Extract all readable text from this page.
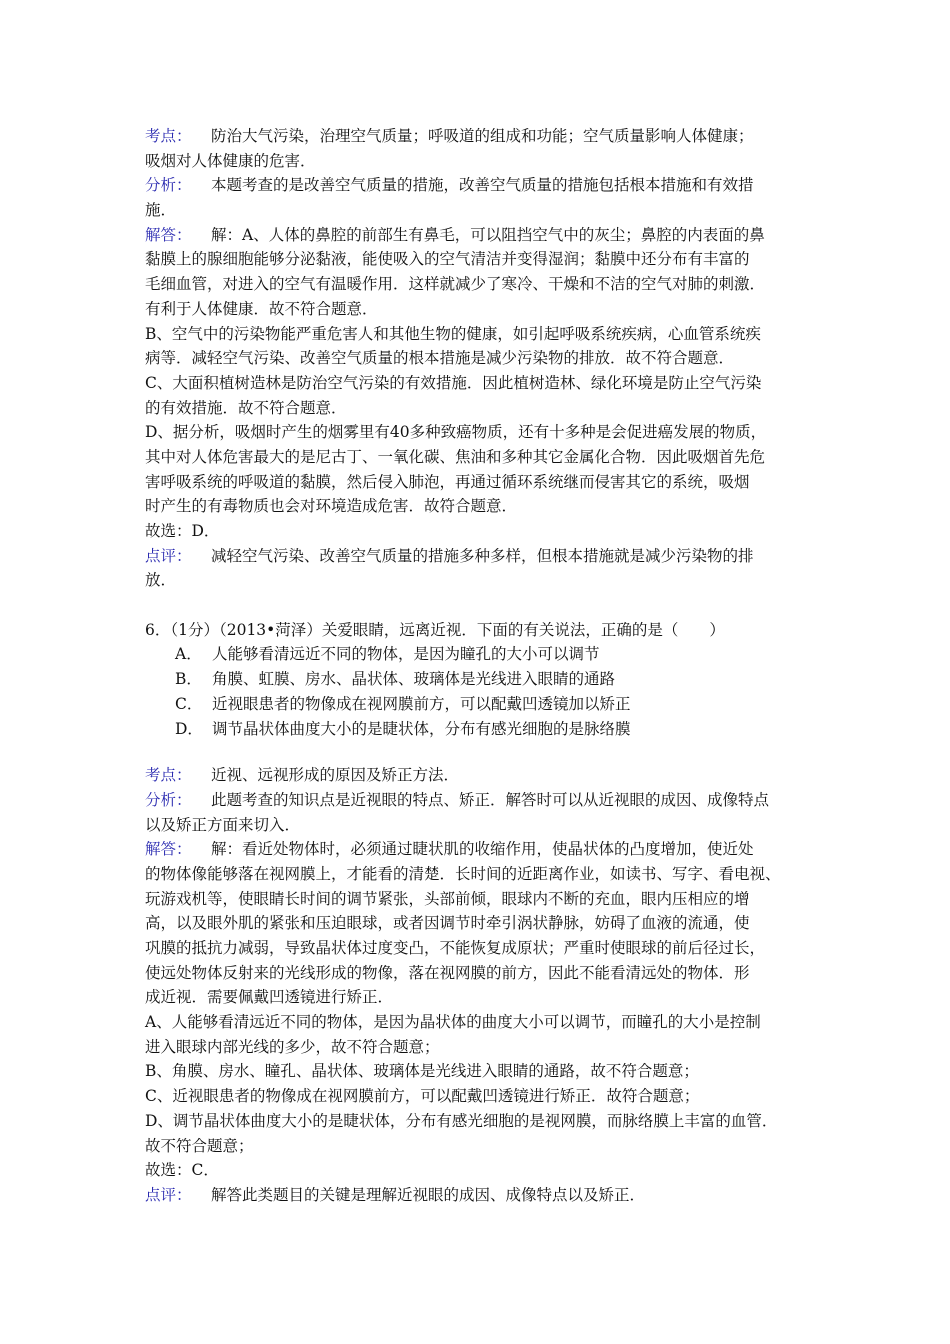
考点： 防治大气污染，治理空气质量；呼吸道的组成和功能；空气质量影响人体健康；
吸烟对人体健康的危害．
分析： 本题考查的是改善空气质量的措施，改善空气质量的措施包括根本措施和有效措
施．
解答： 解：A、人体的鼻腔的前部生有鼻毛，可以阻挡空气中的灰尘；鼻腔的内表面的鼻
黏膜上的腺细胞能够分泌黏液，能使吸入的空气清洁并变得湿润；黏膜中还分布有丰富的
毛细血管，对进入的空气有温暖作用．这样就减少了寒冷、干燥和不洁的空气对肺的刺激．
有利于人体健康．故不符合题意．
B、空气中的污染物能严重危害人和其他生物的健康，如引起呼吸系统疾病，心血管系统疾
病等．减轻空气污染、改善空气质量的根本措施是减少污染物的排放．故不符合题意．
C、大面积植树造林是防治空气污染的有效措施．因此植树造林、绿化环境是防止空气污染
的有效措施．故不符合题意．
D、据分析，吸烟时产生的烟雾里有40多种致癌物质，还有十多种是会促进癌发展的物质，
其中对人体危害最大的是尼古丁、一氧化碳、焦油和多种其它金属化合物．因此吸烟首先危
害呼吸系统的呼吸道的黏膜，然后侵入肺泡，再通过循环系统继而侵害其它的系统，吸烟
时产生的有毒物质也会对环境造成危害．故符合题意．
故选：D．
点评： 减轻空气污染、改善空气质量的措施多种多样，但根本措施就是减少污染物的排
放．
6．（1分）（2013•菏泽）关爱眼睛，远离近视．下面的有关说法，正确的是（　　）
A． 人能够看清远近不同的物体，是因为瞳孔的大小可以调节
B． 角膜、虹膜、房水、晶状体、玻璃体是光线进入眼睛的通路
C． 近视眼患者的物像成在视网膜前方，可以配戴凹透镜加以矫正
D． 调节晶状体曲度大小的是睫状体，分布有感光细胞的是脉络膜
考点： 近视、远视形成的原因及矫正方法．
分析： 此题考查的知识点是近视眼的特点、矫正．解答时可以从近视眼的成因、成像特点
以及矫正方面来切入．
解答： 解：看近处物体时，必须通过睫状肌的收缩作用，使晶状体的凸度增加，使近处
的物体像能够落在视网膜上，才能看的清楚．长时间的近距离作业，如读书、写字、看电视、
玩游戏机等，使眼睛长时间的调节紧张，头部前倾，眼球内不断的充血，眼内压相应的增
高，以及眼外肌的紧张和压迫眼球，或者因调节时牵引涡状静脉，妨碍了血液的流通，使
巩膜的抵抗力减弱，导致晶状体过度变凸，不能恢复成原状；严重时使眼球的前后径过长，
使远处物体反射来的光线形成的物像，落在视网膜的前方，因此不能看清远处的物体．形
成近视．需要佩戴凹透镜进行矫正．
A、人能够看清远近不同的物体，是因为晶状体的曲度大小可以调节，而瞳孔的大小是控制
进入眼球内部光线的多少，故不符合题意；
B、角膜、房水、瞳孔、晶状体、玻璃体是光线进入眼睛的通路，故不符合题意；
C、近视眼患者的物像成在视网膜前方，可以配戴凹透镜进行矫正．故符合题意；
D、调节晶状体曲度大小的是睫状体，分布有感光细胞的是视网膜，而脉络膜上丰富的血管．
故不符合题意；
故选：C．
点评： 解答此类题目的关键是理解近视眼的成因、成像特点以及矫正．
